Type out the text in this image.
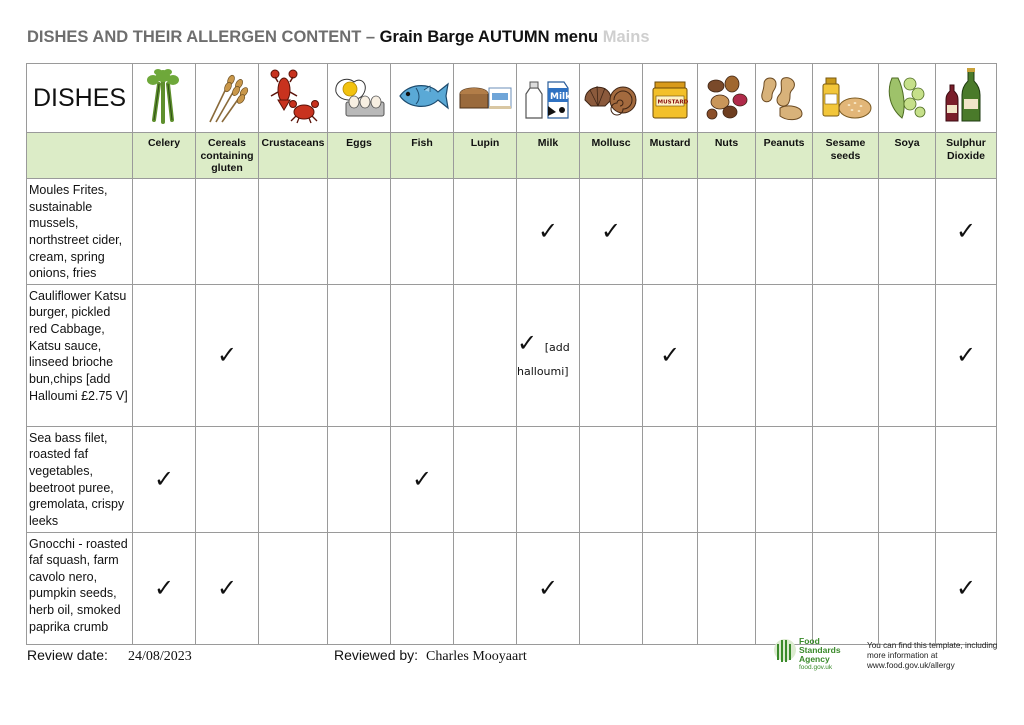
DISHES AND THEIR ALLERGEN CONTENT – Grain Barge AUTUMN menu Mains
DISHES							Milk		MUSTARD

	Celery	Cereals containing gluten	Crustaceans	Eggs	Fish	Lupin	Milk	Mollusc	Mustard	Nuts	Peanuts	Sesame seeds	Soya	Sulphur Dioxide
Moules Frites, sustainable mussels, northstreet cider, cream, spring onions, fries							✓	✓						✓
Cauliflower Katsu burger, pickled red Cabbage, Katsu sauce, linseed brioche bun,chips [add Halloumi £2.75 V]		✓					✓ [add halloumi]		✓					✓
Sea bass filet, roasted faf vegetables, beetroot puree, gremolata, crispy leeks	✓				✓									
Gnocchi - roasted faf squash, farm cavolo nero, pumpkin seeds, herb oil, smoked paprika crumb	✓	✓					✓							✓
Review date: 24/08/2023	Reviewed by: Charles Mooyaart
Food Standards Agency
food.gov.uk
You can find this template, including more information at www.food.gov.uk/allergy
